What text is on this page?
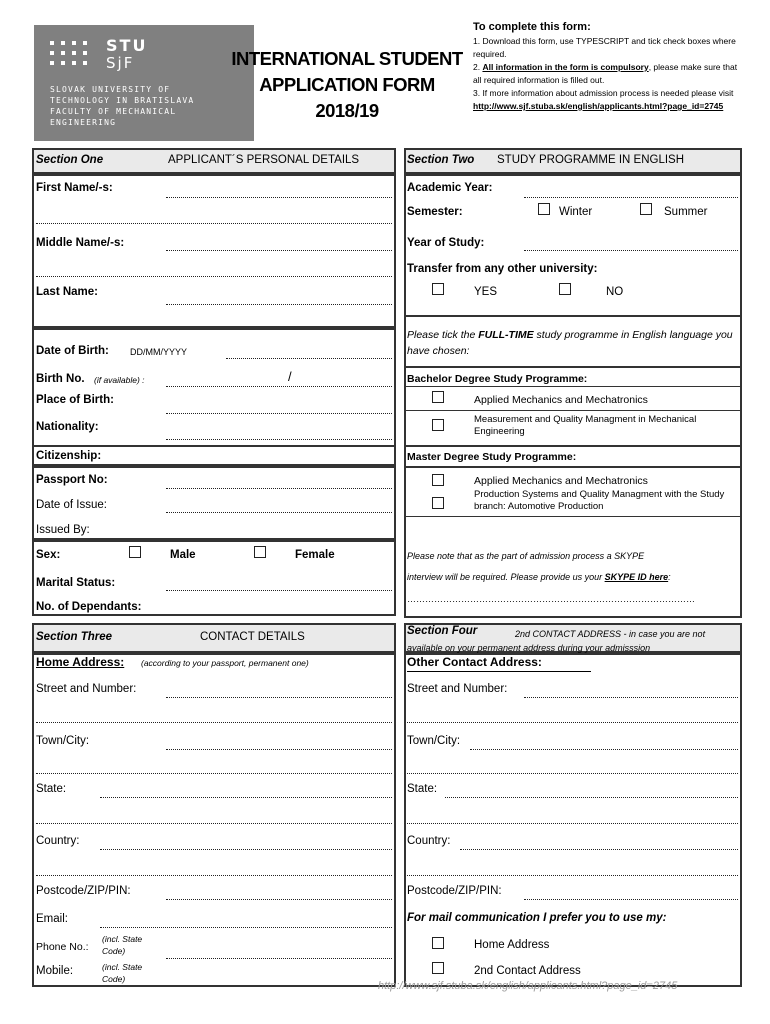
STU
SjF
SLOVAK UNIVERSITY OF
TECHNOLOGY IN BRATISLAVA
FACULTY OF MECHANICAL
ENGINEERING
INTERNATIONAL STUDENT
APPLICATION FORM
2018/19
To complete this form:
1. Download this form, use TYPESCRIPT and tick check boxes where required.
2. All information in the form is compulsory, please make sure that all required information is filled out.
3. If more information about admission process is needed please visit
http://www.sjf.stuba.sk/english/applicants.html?page_id=2745
Section One	APPLICANT´S PERSONAL DETAILS
First Name/-s:
Middle Name/-s:
Last Name:
Date of Birth: DD/MM/YYYY
Birth No. (if available) :	/
Place of Birth:
Nationality:
Citizenship:
Passport No:
Date of Issue:
Issued By:
Sex:	Male	Female
Marital Status:
No. of Dependants:
Section Two STUDY PROGRAMME IN ENGLISH
Academic Year:
Semester:	Winter	Summer
Year of Study:
Transfer from any other university:
YES	NO
Please tick the FULL-TIME study programme in English language you have chosen:
Bachelor Degree Study Programme:
Applied Mechanics and Mechatronics
Measurement and Quality Managment in Mechanical Engineering
Master Degree Study Programme:
Applied Mechanics and Mechatronics
Production Systems and Quality Managment with the Study branch: Automotive Production
Please note that as the part of admission process a SKYPE
interview will be required. Please provide us your SKYPE ID here:
……………………………………………………………………………………
Section Three	CONTACT DETAILS
Home Address: (according to your passport, permanent one)
Street and Number:
Town/City:
State:
Country:
Postcode/ZIP/PIN:
Email:
Phone No.:
(incl. State Code)
Mobile:	(incl. State Code)
Section Four	2nd CONTACT ADDRESS - in case you are not available on your permanent address during your admisssion
Other Contact Address:
Street and Number:
Town/City:
State:
Country:
Postcode/ZIP/PIN:
For mail communication I prefer you to use my:
Home Address
2nd Contact Address
http://www.sjf.stuba.sk/english/applicants.html?page_id=2745
